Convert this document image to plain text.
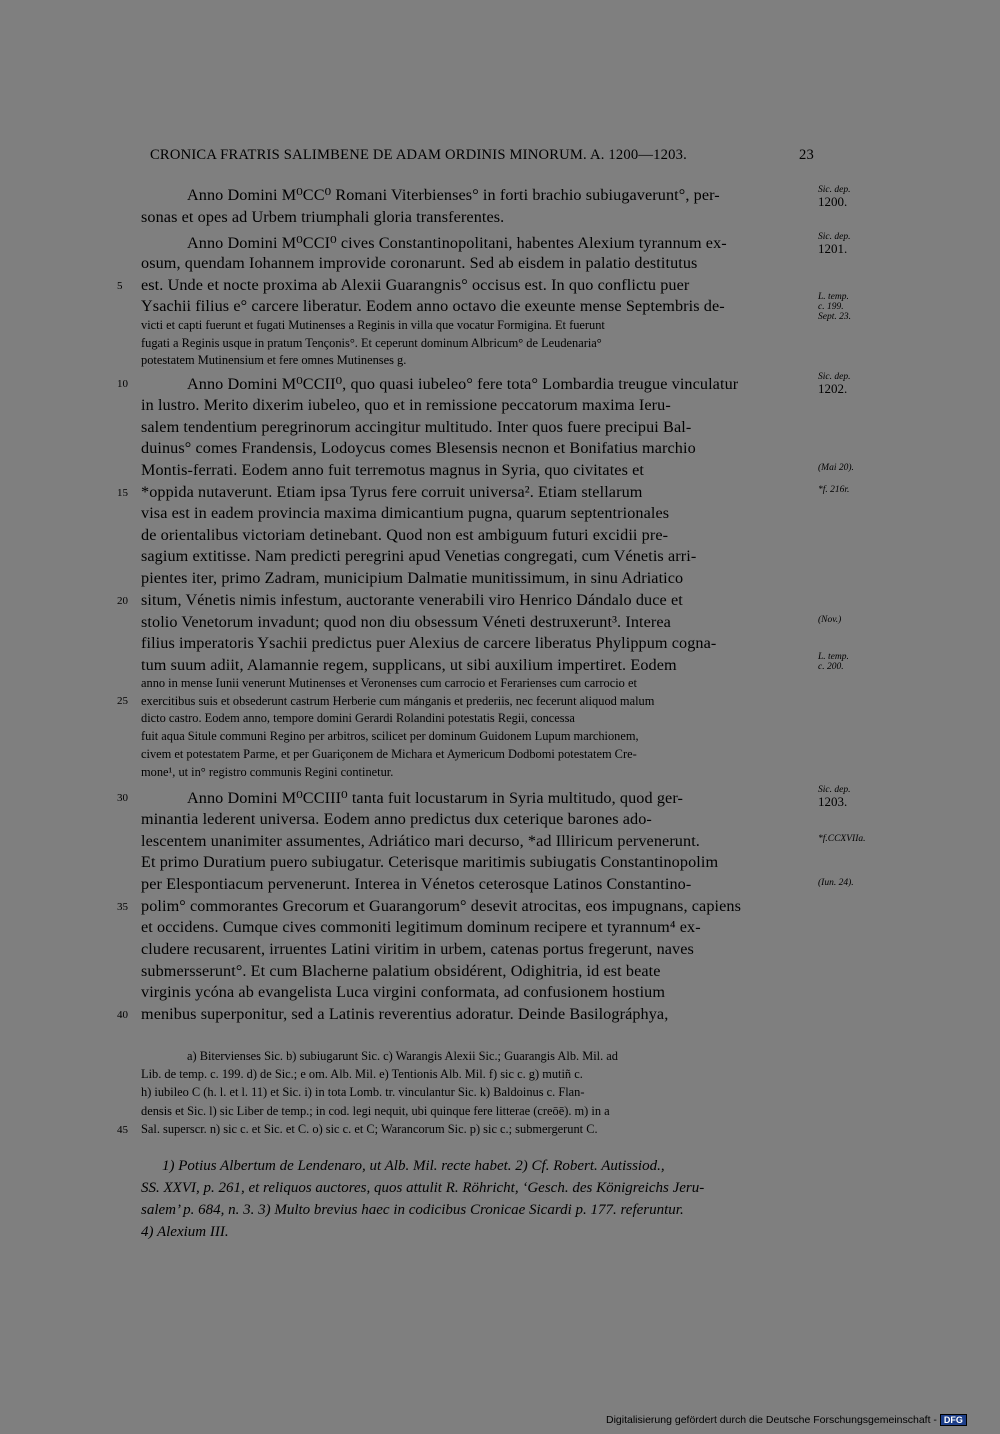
CRONICA FRATRIS SALIMBENE DE ADAM ORDINIS MINORUM. A. 1200—1203.	23
Anno Domini M⁰CC⁰ Romani Viterbienses° in forti brachio subiugaverunt°, per-
sonas et opes ad Urbem triumphali gloria transferentes.
Anno Domini M⁰CCI⁰ cives Constantinopolitani, habentes Alexium tyrannum ex-
osum, quendam Iohannem improvide coronarunt. Sed ab eisdem in palatio destitutus
est. Unde et nocte proxima ab Alexii Guarangnis° occisus est. In quo conflictu puer
Ysachii filius e° carcere liberatur. Eodem anno octavo die exeunte mense Septembris de-
victi et capti fuerunt et fugati Mutinenses a Reginis in villa que vocatur Formigina. Et fuerunt
fugati a Reginis usque in pratum Tençonis°. Et ceperunt dominum Albricum° de Leudenaria°
potestatem Mutinensium et fere omnes Mutinenses g.
Anno Domini M⁰CCII⁰, quo quasi iubeleo° fere tota° Lombardia treugue vinculatur
in lustro. Merito dixerim iubeleo, quo et in remissione peccatorum maxima Ieru-
salem tendentium peregrinorum accingitur multitudo. Inter quos fuere precipui Bal-
duinus° comes Frandensis, Lodoycus comes Blesensis necnon et Bonifatius marchio
Montis-ferrati. Eodem anno fuit terremotus magnus in Syria, quo civitates et
*oppida nutaverunt. Etiam ipsa Tyrus fere corruit universa². Etiam stellarum
visa est in eadem provincia maxima dimicantium pugna, quarum septentrionales
de orientalibus victoriam detinebant. Quod non est ambiguum futuri excidii pre-
sagium extitisse. Nam predicti peregrini apud Venetias congregati, cum Vénetis arri-
pientes iter, primo Zadram, municipium Dalmatie munitissimum, in sinu Adriatico
situm, Vénetis nimis infestum, auctorante venerabili viro Henrico Dándalo duce et
stolio Venetorum invadunt; quod non diu obsessum Véneti destruxerunt³. Interea
filius imperatoris Ysachii predictus puer Alexius de carcere liberatus Phylippum cogna-
tum suum adiit, Alamannie regem, supplicans, ut sibi auxilium impertiret. Eodem
anno in mense Iunii venerunt Mutinenses et Veronenses cum carrocio et Ferarienses cum carrocio et
exercitibus suis et obsederunt castrum Herberie cum mánganis et prederiis, nec fecerunt aliquod malum
dicto castro. Eodem anno, tempore domini Gerardi Rolandini potestatis Regii, concessa
fuit aqua Situle communi Regino per arbitros, scilicet per dominum Guidonem Lupum marchionem,
civem et potestatem Parme, et per Guariçonem de Michara et Aymericum Dodbomi potestatem Cre-
mone¹, ut in° registro communis Regini continetur.
Anno Domini M⁰CCIII⁰ tanta fuit locustarum in Syria multitudo, quod ger-
minantia lederent universa. Eodem anno predictus dux ceterique barones ado-
lescentem unanimiter assumentes, Adriático mari decurso, *ad Illiricum pervenerunt.
Et primo Duratium puero subiugatur. Ceterisque maritimis subiugatis Constantinopolim
per Elespontiacum pervenerunt. Interea in Vénetos ceterosque Latinos Constantino-
polim° commorantes Grecorum et Guarangorum° desevit atrocitas, eos impugnans, capiens
et occidens. Cumque cives commoniti legitimum dominum recipere et tyrannum⁴ ex-
cludere recusarent, irruentes Latini viritim in urbem, catenas portus fregerunt, naves
submersserunt°. Et cum Blacherne palatium obsidérent, Odighitria, id est beate
virginis ycóna ab evangelista Luca virgini conformata, ad confusionem hostium
menibus superponitur, sed a Latinis reverentius adoratur. Deinde Basilográphya,
a) Bitervienses Sic. b) subiugarunt Sic. c) Warangis Alexii Sic.; Guarangis Alb. Mil. ad
Lib. de temp. c. 199. d) de Sic.; e om. Alb. Mil. e) Tentionis Alb. Mil. f) sic c. g) mutiñ c.
h) iubileo C (h. l. et l. 11) et Sic. i) in tota Lomb. tr. vinculantur Sic. k) Baldoinus c. Flan-
densis et Sic. l) sic Liber de temp.; in cod. legi nequit, ubi quinque fere litterae (creōē). m) in a
Sal. superscr. n) sic c. et Sic. et C. o) sic c. et C; Warancorum Sic. p) sic c.; submergerunt C.
1) Potius Albertum de Lendenaro, ut Alb. Mil. recte habet. 2) Cf. Robert. Autissiod.,
SS. XXVI, p. 261, et reliquos auctores, quos attulit R. Röhricht, ‘Gesch. des Königreichs Jeru-
salem’ p. 684, n. 3. 3) Multo brevius haec in codicibus Cronicae Sicardi p. 177. referuntur.
4) Alexium III.
5
10
15
20
25
30
35
40
45
Sic. dep.
1200.
Sic. dep.
1201.
L. temp.
c. 199.
Sept. 23.
Sic. dep.
1202.
(Mai 20).
*f. 216r.
(Nov.)
L. temp.
c. 200.
Sic. dep.
1203.
*f.CCXVIIa.
(Iun. 24).
Digitalisierung gefördert durch die Deutsche Forschungsgemeinschaft - DFG
